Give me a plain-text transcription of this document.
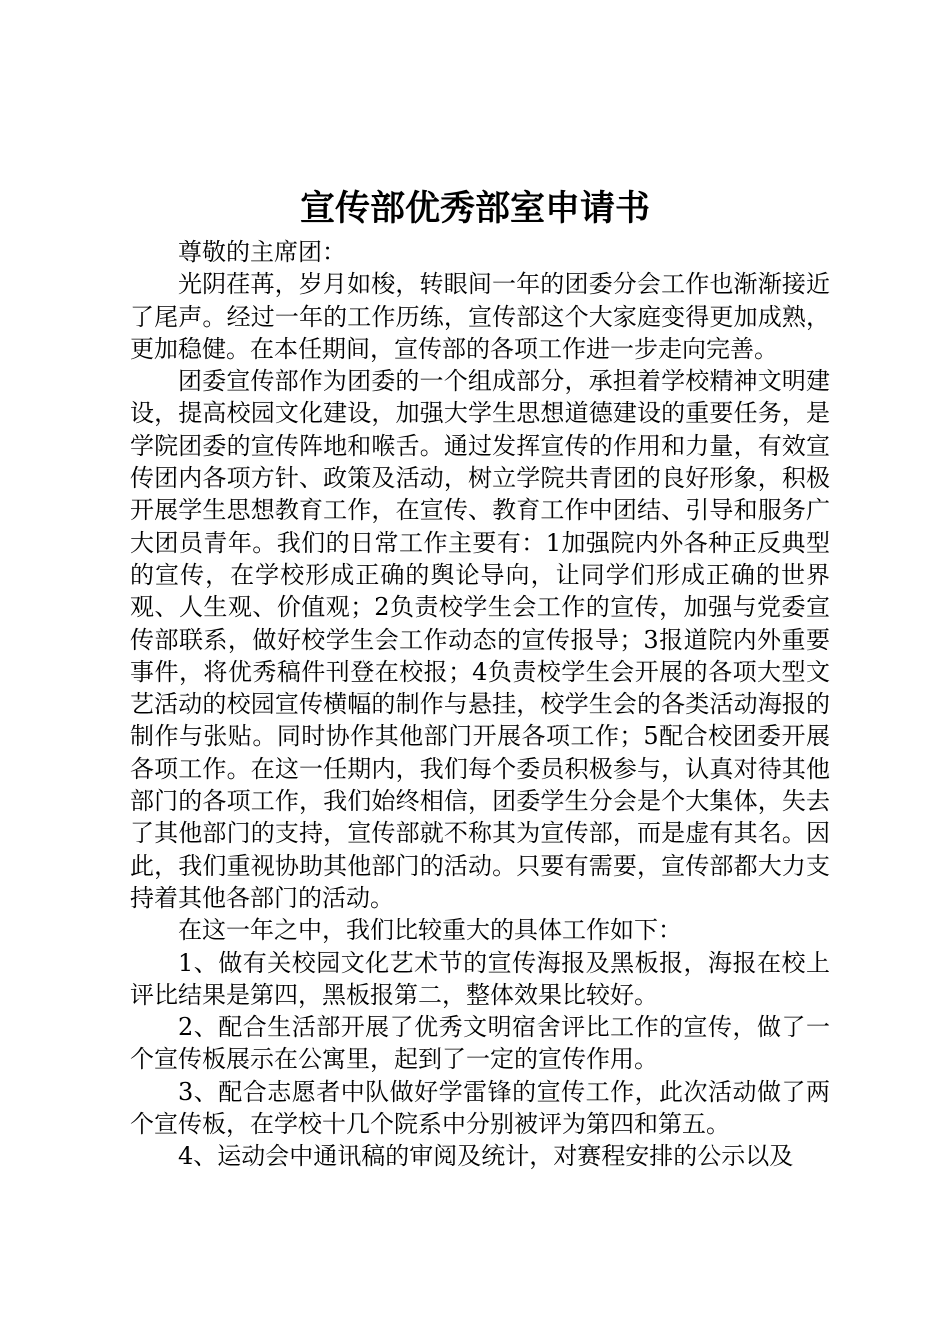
宣传部优秀部室申请书

尊敬的主席团：

光阴荏苒，岁月如梭，转眼间一年的团委分会工作也渐渐接近了尾声。经过一年的工作历练，宣传部这个大家庭变得更加成熟，更加稳健。在本任期间，宣传部的各项工作进一步走向完善。

团委宣传部作为团委的一个组成部分，承担着学校精神文明建设，提高校园文化建设，加强大学生思想道德建设的重要任务，是学院团委的宣传阵地和喉舌。通过发挥宣传的作用和力量，有效宣传团内各项方针、政策及活动，树立学院共青团的良好形象，积极开展学生思想教育工作，在宣传、教育工作中团结、引导和服务广大团员青年。我们的日常工作主要有：1加强院内外各种正反典型的宣传，在学校形成正确的舆论导向，让同学们形成正确的世界观、人生观、价值观；2负责校学生会工作的宣传，加强与党委宣传部联系，做好校学生会工作动态的宣传报导；3报道院内外重要事件，将优秀稿件刊登在校报；4负责校学生会开展的各项大型文艺活动的校园宣传横幅的制作与悬挂，校学生会的各类活动海报的制作与张贴。同时协作其他部门开展各项工作；5配合校团委开展各项工作。在这一任期内，我们每个委员积极参与，认真对待其他部门的各项工作，我们始终相信，团委学生分会是个大集体，失去了其他部门的支持，宣传部就不称其为宣传部，而是虚有其名。因此，我们重视协助其他部门的活动。只要有需要，宣传部都大力支持着其他各部门的活动。

在这一年之中，我们比较重大的具体工作如下：

1、做有关校园文化艺术节的宣传海报及黑板报，海报在校上评比结果是第四，黑板报第二，整体效果比较好。

2、配合生活部开展了优秀文明宿舍评比工作的宣传，做了一个宣传板展示在公寓里，起到了一定的宣传作用。

3、配合志愿者中队做好学雷锋的宣传工作，此次活动做了两个宣传板，在学校十几个院系中分别被评为第四和第五。

4、运动会中通讯稿的审阅及统计，对赛程安排的公示以及
